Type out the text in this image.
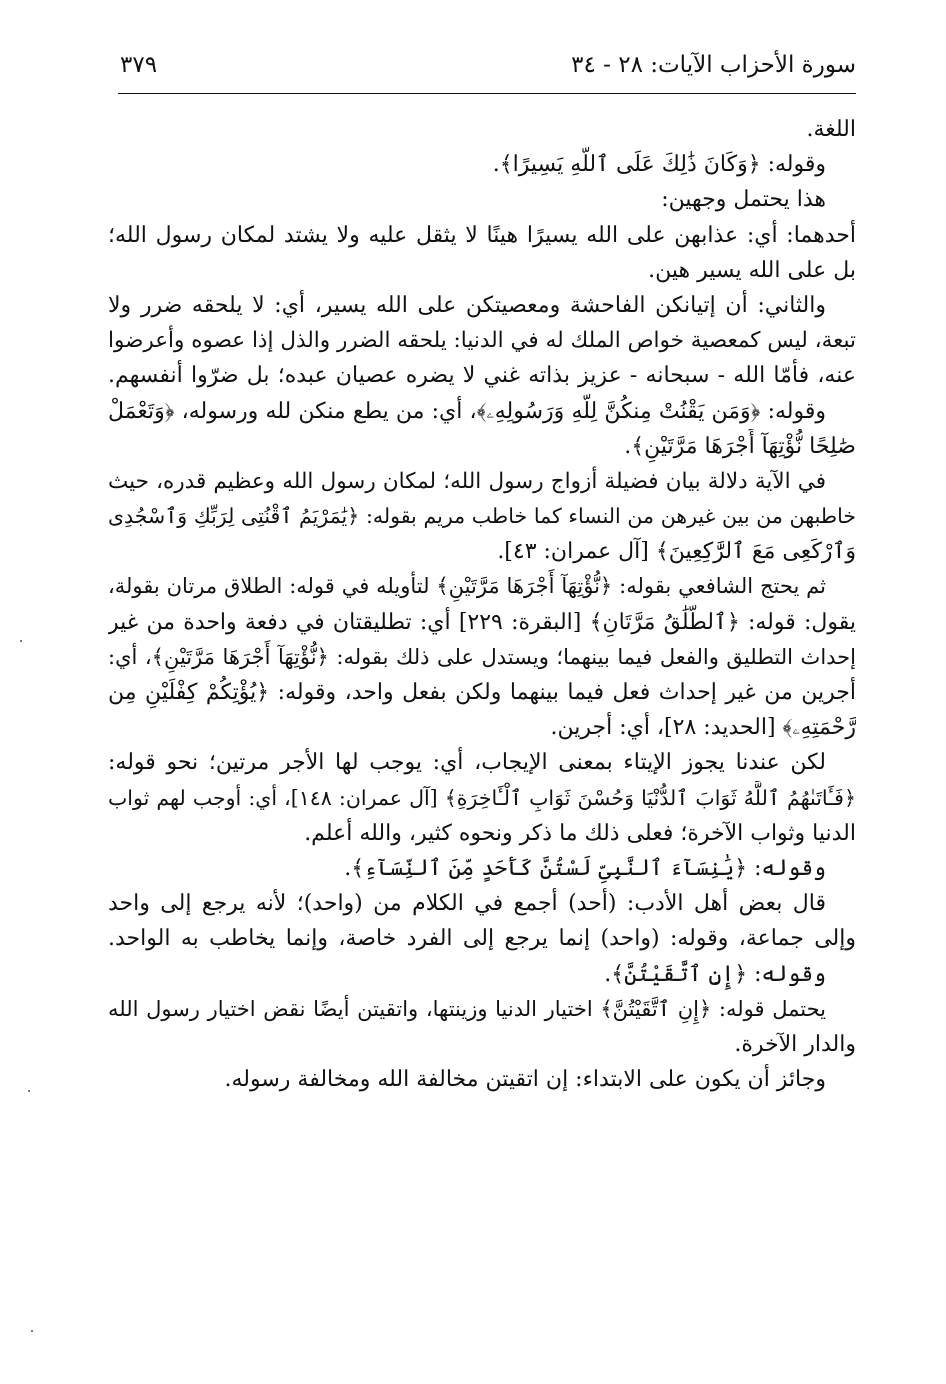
٣٧٩	سورة الأحزاب الآيات: ٢٨ - ٣٤
اللغة.
وقوله: ﴿وَكَانَ ذَٰلِكَ عَلَى ٱللَّهِ يَسِيرًا﴾.
هذا يحتمل وجهين:
أحدهما: أي: عذابهن على الله يسيرًا هينًا لا يثقل عليه ولا يشتد لمكان رسول الله؛
بل على الله يسير هين.
والثاني: أن إتيانكن الفاحشة ومعصيتكن على الله يسير، أي: لا يلحقه ضرر ولا
تبعة، ليس كمعصية خواص الملك له في الدنيا: يلحقه الضرر والذل إذا عصوه وأعرضوا
عنه، فأمّا الله - سبحانه - عزيز بذاته غني لا يضره عصيان عبده؛ بل ضرّوا أنفسهم.
وقوله: ﴿وَمَن يَقْنُتْ مِنكُنَّ لِلَّهِ وَرَسُولِهِۦ﴾، أي: من يطع منكن لله ورسوله، ﴿وَتَعْمَلْ
صَٰلِحًا نُّؤْتِهَآ أَجْرَهَا مَرَّتَيْنِ﴾.
في الآية دلالة بيان فضيلة أزواج رسول الله؛ لمكان رسول الله وعظيم قدره، حيث
خاطبهن من بين غيرهن من النساء كما خاطب مريم بقوله: ﴿يَٰمَرْيَمُ ٱقْنُتِى لِرَبِّكِ وَٱسْجُدِى
وَٱرْكَعِى مَعَ ٱلرَّٰكِعِينَ﴾ [آل عمران: ٤٣].
ثم يحتج الشافعي بقوله: ﴿نُّؤْتِهَآ أَجْرَهَا مَرَّتَيْنِ﴾ لتأويله في قوله: الطلاق مرتان بقولة،
يقول: قوله: ﴿ٱلطَّلَٰقُ مَرَّتَانِ﴾ [البقرة: ٢٢٩] أي: تطليقتان في دفعة واحدة من غير
إحداث التطليق والفعل فيما بينهما؛ ويستدل على ذلك بقوله: ﴿نُّؤْتِهَآ أَجْرَهَا مَرَّتَيْنِ﴾، أي:
أجرين من غير إحداث فعل فيما بينهما ولكن بفعل واحد، وقوله: ﴿يُؤْتِكُمْ كِفْلَيْنِ مِن
رَّحْمَتِهِۦ﴾ [الحديد: ٢٨]، أي: أجرين.
لكن عندنا يجوز الإيتاء بمعنى الإيجاب، أي: يوجب لها الأجر مرتين؛ نحو قوله:
﴿فَـَٔاتَىٰهُمُ ٱللَّهُ ثَوَابَ ٱلدُّنْيَا وَحُسْنَ ثَوَابِ ٱلْـَٔاخِرَةِ﴾ [آل عمران: ١٤٨]، أي: أوجب لهم ثواب
الدنيا وثواب الآخرة؛ فعلى ذلك ما ذكر ونحوه كثير، والله أعلم.
وقوله: ﴿يَٰنِسَآءَ ٱلنَّبِىِّ لَسْتُنَّ كَأَحَدٍ مِّنَ ٱلنِّسَآءِ﴾.
قال بعض أهل الأدب: (أحد) أجمع في الكلام من (واحد)؛ لأنه يرجع إلى واحد
وإلى جماعة، وقوله: (واحد) إنما يرجع إلى الفرد خاصة، وإنما يخاطب به الواحد.
وقوله: ﴿إِنِ ٱتَّقَيْتُنَّ﴾.
يحتمل قوله: ﴿إِنِ ٱتَّقَيْتُنَّ﴾ اختيار الدنيا وزينتها، واتقيتن أيضًا نقض اختيار رسول الله
والدار الآخرة.
وجائز أن يكون على الابتداء: إن اتقيتن مخالفة الله ومخالفة رسوله.
